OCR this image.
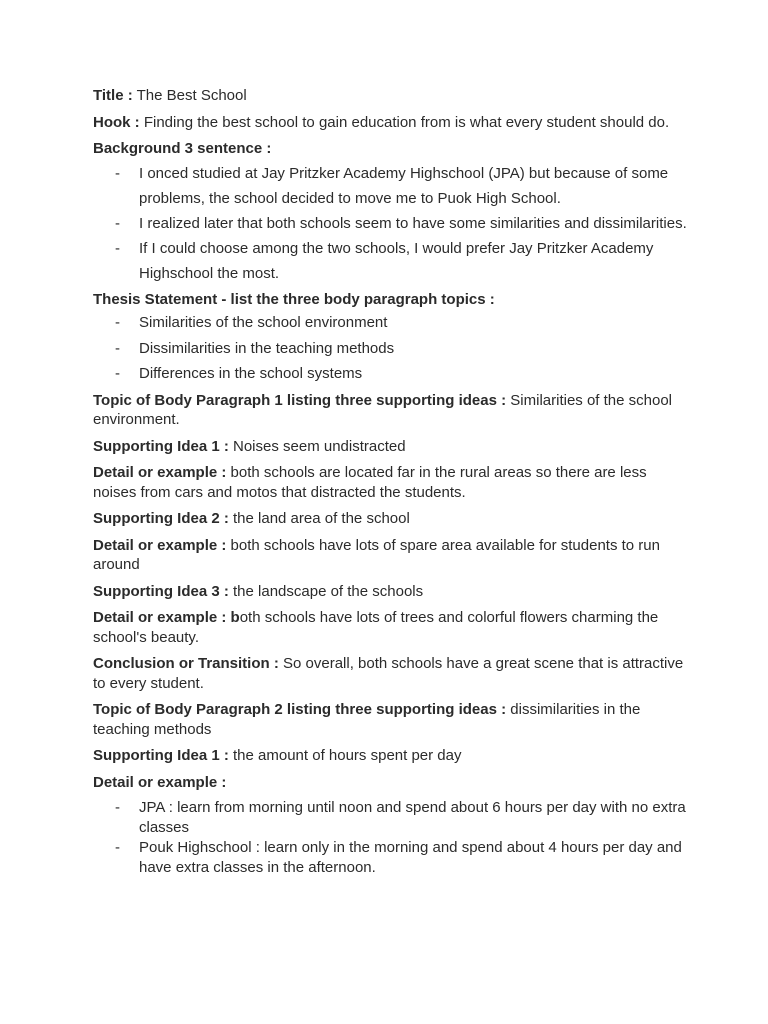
Title : The Best School

Hook : Finding the best school to gain education from is what every student should do.

Background 3 sentence :

- I onced studied at Jay Pritzker Academy Highschool (JPA) but because of some problems, the school decided to move me to Puok High School.
- I realized later that both schools seem to have some similarities and dissimilarities.
- If I could choose among the two schools, I would prefer Jay Pritzker Academy Highschool the most.

Thesis Statement - list the three body paragraph topics :

- Similarities of the school environment
- Dissimilarities in the teaching methods
- Differences in the school systems

Topic of Body Paragraph 1 listing three supporting ideas : Similarities of the school environment.

Supporting Idea 1 : Noises seem undistracted

Detail or example : both schools are located far in the rural areas so there are less noises from cars and motos that distracted the students.

Supporting Idea 2 : the land area of the school

Detail or example : both schools have lots of spare area available for students to run around

Supporting Idea 3 : the landscape of the schools

Detail or example : both schools have lots of trees and colorful flowers charming the school's beauty.

Conclusion or Transition : So overall, both schools have a great scene that is attractive to every student.

Topic of Body Paragraph 2 listing three supporting ideas : dissimilarities in the teaching methods

Supporting Idea 1 : the amount of hours spent per day

Detail or example :

- JPA : learn from morning until noon and spend about 6 hours per day with no extra classes
- Pouk Highschool : learn only in the morning and spend about 4 hours per day and have extra classes in the afternoon.
